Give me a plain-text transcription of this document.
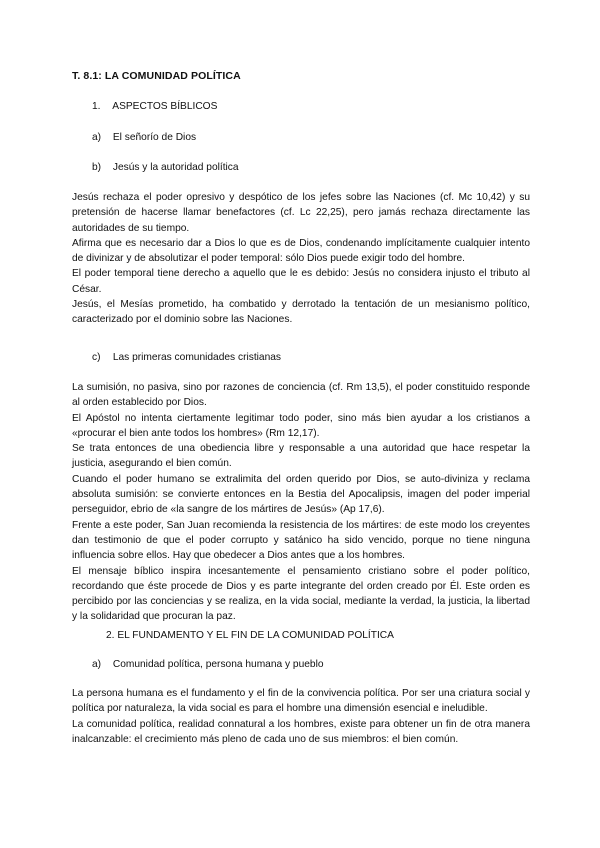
T. 8.1: LA COMUNIDAD POLÍTICA
1. ASPECTOS BÍBLICOS
a) El señorío de Dios
b) Jesús y la autoridad política

Jesús rechaza el poder opresivo y despótico de los jefes sobre las Naciones (cf. Mc 10,42) y su pretensión de hacerse llamar benefactores (cf. Lc 22,25), pero jamás rechaza directamente las autoridades de su tiempo.

Afirma que es necesario dar a Dios lo que es de Dios, condenando implícitamente cualquier intento de divinizar y de absolutizar el poder temporal: sólo Dios puede exigir todo del hombre.

El poder temporal tiene derecho a aquello que le es debido: Jesús no considera injusto el tributo al César.

Jesús, el Mesías prometido, ha combatido y derrotado la tentación de un mesianismo político, caracterizado por el dominio sobre las Naciones.

c) Las primeras comunidades cristianas

La sumisión, no pasiva, sino por razones de conciencia (cf. Rm 13,5), el poder constituido responde al orden establecido por Dios.

El Apóstol no intenta ciertamente legitimar todo poder, sino más bien ayudar a los cristianos a «procurar el bien ante todos los hombres» (Rm 12,17).

Se trata entonces de una obediencia libre y responsable a una autoridad que hace respetar la justicia, asegurando el bien común.

Cuando el poder humano se extralimita del orden querido por Dios, se auto-diviniza y reclama absoluta sumisión: se convierte entonces en la Bestia del Apocalipsis, imagen del poder imperial perseguidor, ebrio de «la sangre de los mártires de Jesús» (Ap 17,6).

Frente a este poder, San Juan recomienda la resistencia de los mártires: de este modo los creyentes dan testimonio de que el poder corrupto y satánico ha sido vencido, porque no tiene ninguna influencia sobre ellos. Hay que obedecer a Dios antes que a los hombres.

El mensaje bíblico inspira incesantemente el pensamiento cristiano sobre el poder político, recordando que éste procede de Dios y es parte integrante del orden creado por Él. Este orden es percibido por las conciencias y se realiza, en la vida social, mediante la verdad, la justicia, la libertad y la solidaridad que procuran la paz.

2. EL FUNDAMENTO Y EL FIN DE LA COMUNIDAD POLÍTICA
a) Comunidad política, persona humana y pueblo

La persona humana es el fundamento y el fin de la convivencia política. Por ser una criatura social y política por naturaleza, la vida social es para el hombre una dimensión esencial e ineludible.

La comunidad política, realidad connatural a los hombres, existe para obtener un fin de otra manera inalcanzable: el crecimiento más pleno de cada uno de sus miembros: el bien común.
